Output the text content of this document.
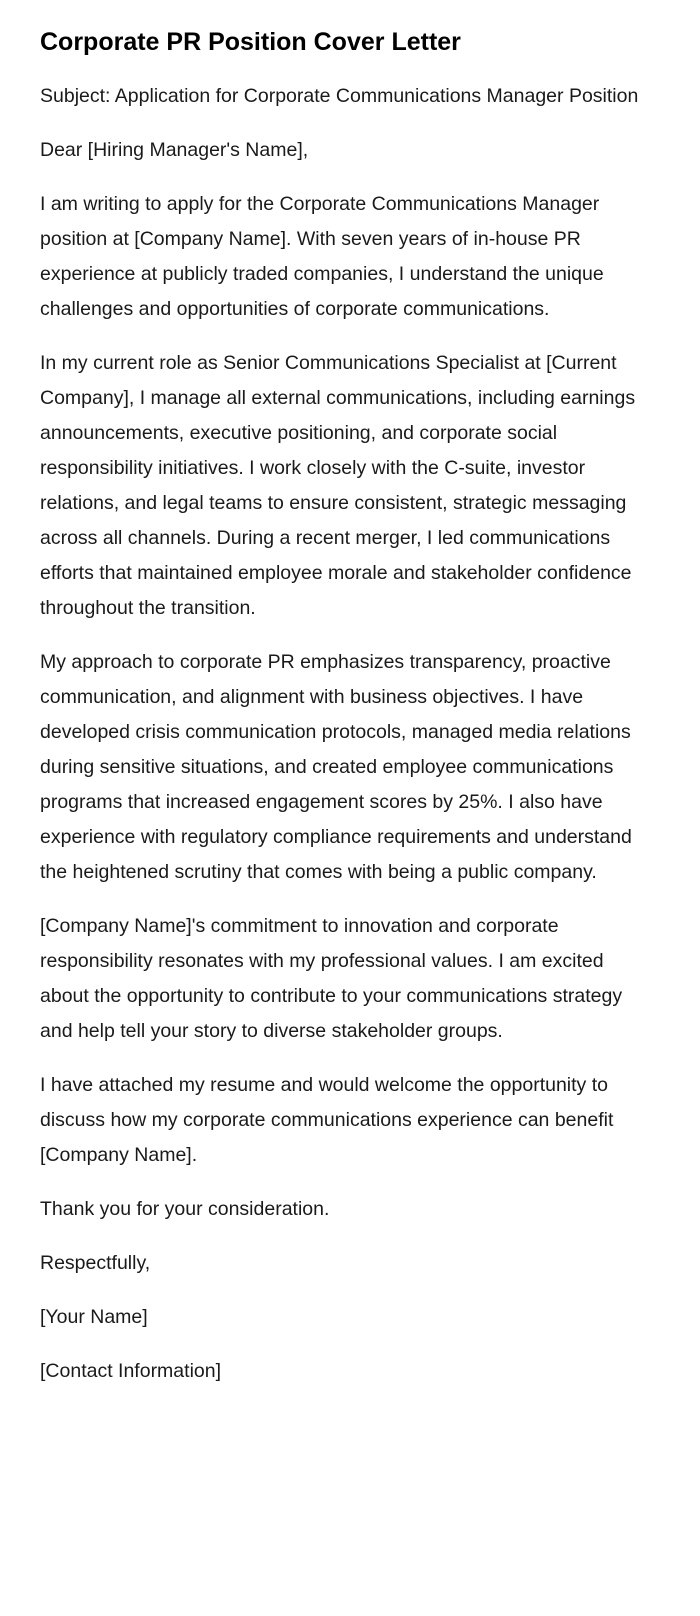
Corporate PR Position Cover Letter

Subject: Application for Corporate Communications Manager Position

Dear [Hiring Manager's Name],

I am writing to apply for the Corporate Communications Manager position at [Company Name]. With seven years of in-house PR experience at publicly traded companies, I understand the unique challenges and opportunities of corporate communications.

In my current role as Senior Communications Specialist at [Current Company], I manage all external communications, including earnings announcements, executive positioning, and corporate social responsibility initiatives. I work closely with the C-suite, investor relations, and legal teams to ensure consistent, strategic messaging across all channels. During a recent merger, I led communications efforts that maintained employee morale and stakeholder confidence throughout the transition.

My approach to corporate PR emphasizes transparency, proactive communication, and alignment with business objectives. I have developed crisis communication protocols, managed media relations during sensitive situations, and created employee communications programs that increased engagement scores by 25%. I also have experience with regulatory compliance requirements and understand the heightened scrutiny that comes with being a public company.

[Company Name]'s commitment to innovation and corporate responsibility resonates with my professional values. I am excited about the opportunity to contribute to your communications strategy and help tell your story to diverse stakeholder groups.

I have attached my resume and would welcome the opportunity to discuss how my corporate communications experience can benefit [Company Name].

Thank you for your consideration.

Respectfully,

[Your Name]

[Contact Information]
